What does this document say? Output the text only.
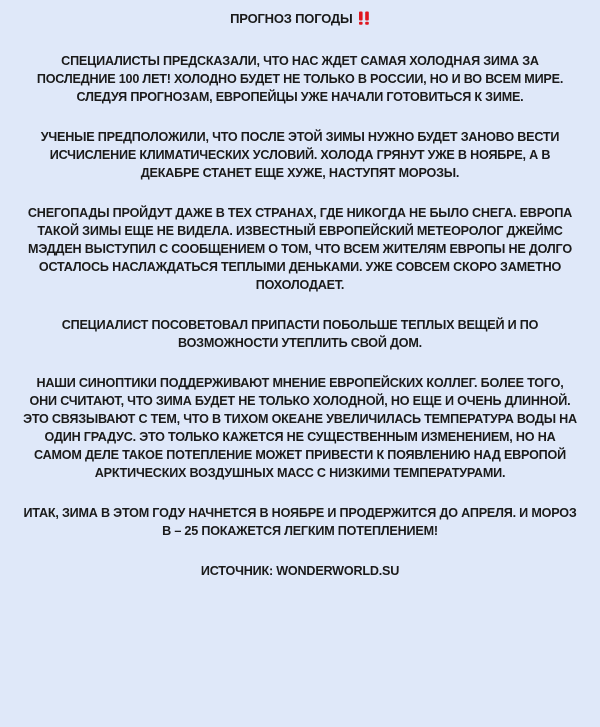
ПРОГНОЗ ПОГОДЫ

СПЕЦИАЛИСТЫ ПРЕДСКАЗАЛИ, ЧТО НАС ЖДЕТ САМАЯ ХОЛОДНАЯ ЗИМА ЗА ПОСЛЕДНИЕ 100 ЛЕТ! ХОЛОДНО БУДЕТ НЕ ТОЛЬКО В РОССИИ, НО И ВО ВСЕМ МИРЕ. СЛЕДУЯ ПРОГНОЗАМ, ЕВРОПЕЙЦЫ УЖЕ НАЧАЛИ ГОТОВИТЬСЯ К ЗИМЕ.

УЧЕНЫЕ ПРЕДПОЛОЖИЛИ, ЧТО ПОСЛЕ ЭТОЙ ЗИМЫ НУЖНО БУДЕТ ЗАНОВО ВЕСТИ ИСЧИСЛЕНИЕ КЛИМАТИЧЕСКИХ УСЛОВИЙ. ХОЛОДА ГРЯНУТ УЖЕ В НОЯБРЕ, А В ДЕКАБРЕ СТАНЕТ ЕЩЕ ХУЖЕ, НАСТУПЯТ МОРОЗЫ.

СНЕГОПАДЫ ПРОЙДУТ ДАЖЕ В ТЕХ СТРАНАХ, ГДЕ НИКОГДА НЕ БЫЛО СНЕГА. ЕВРОПА ТАКОЙ ЗИМЫ ЕЩЕ НЕ ВИДЕЛА. ИЗВЕСТНЫЙ ЕВРОПЕЙСКИЙ МЕТЕОРОЛОГ ДЖЕЙМС МЭДДЕН ВЫСТУПИЛ С СООБЩЕНИЕМ О ТОМ, ЧТО ВСЕМ ЖИТЕЛЯМ ЕВРОПЫ НЕ ДОЛГО ОСТАЛОСЬ НАСЛАЖДАТЬСЯ ТЕПЛЫМИ ДЕНЬКАМИ. УЖЕ СОВСЕМ СКОРО ЗАМЕТНО ПОХОЛОДАЕТ.

СПЕЦИАЛИСТ ПОСОВЕТОВАЛ ПРИПАСТИ ПОБОЛЬШЕ ТЕПЛЫХ ВЕЩЕЙ И ПО ВОЗМОЖНОСТИ УТЕПЛИТЬ СВОЙ ДОМ.

НАШИ СИНОПТИКИ ПОДДЕРЖИВАЮТ МНЕНИЕ ЕВРОПЕЙСКИХ КОЛЛЕГ. БОЛЕЕ ТОГО, ОНИ СЧИТАЮТ, ЧТО ЗИМА БУДЕТ НЕ ТОЛЬКО ХОЛОДНОЙ, НО ЕЩЕ И ОЧЕНЬ ДЛИННОЙ. ЭТО СВЯЗЫВАЮТ С ТЕМ, ЧТО В ТИХОМ ОКЕАНЕ УВЕЛИЧИЛАСЬ ТЕМПЕРАТУРА ВОДЫ НА ОДИН ГРАДУС. ЭТО ТОЛЬКО КАЖЕТСЯ НЕ СУЩЕСТВЕННЫМ ИЗМЕНЕНИЕМ, НО НА САМОМ ДЕЛЕ ТАКОЕ ПОТЕПЛЕНИЕ МОЖЕТ ПРИВЕСТИ К ПОЯВЛЕНИЮ НАД ЕВРОПОЙ АРКТИЧЕСКИХ ВОЗДУШНЫХ МАСС С НИЗКИМИ ТЕМПЕРАТУРАМИ.

ИТАК, ЗИМА В ЭТОМ ГОДУ НАЧНЕТСЯ В НОЯБРЕ И ПРОДЕРЖИТСЯ ДО АПРЕЛЯ. И МОРОЗ В – 25 ПОКАЖЕТСЯ ЛЕГКИМ ПОТЕПЛЕНИЕМ!

ИСТОЧНИК: WONDERWORLD.SU
